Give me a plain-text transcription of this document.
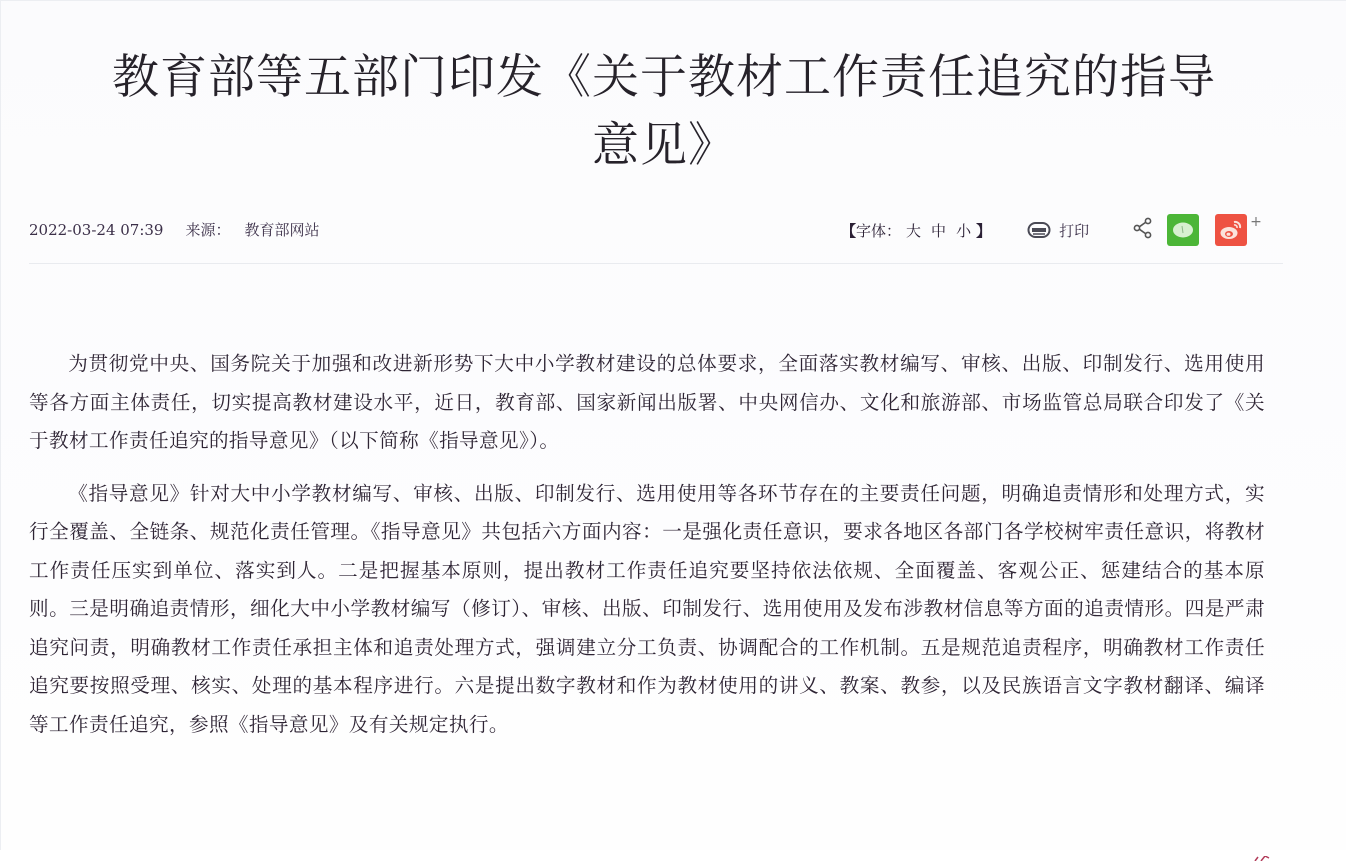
教育部等五部门印发《关于教材工作责任追究的指导
意见》
2022-03-24 07:39 来源： 教育部网站	【 字体： 大 中 小 】	打印	+

为贯彻党中央、国务院关于加强和改进新形势下大中小学教材建设的总体要求，全面落实教材编写、审核、出版、印制发行、选用使用等各方面主体责任，切实提高教材建设水平，近日，教育部、国家新闻出版署、中央网信办、文化和旅游部、市场监管总局联合印发了《关于教材工作责任追究的指导意见》（以下简称《指导意见》）。

《指导意见》针对大中小学教材编写、审核、出版、印制发行、选用使用等各环节存在的主要责任问题，明确追责情形和处理方式，实行全覆盖、全链条、规范化责任管理。《指导意见》共包括六方面内容：一是强化责任意识，要求各地区各部门各学校树牢责任意识，将教材工作责任压实到单位、落实到人。二是把握基本原则，提出教材工作责任追究要坚持依法依规、全面覆盖、客观公正、惩建结合的基本原则。三是明确追责情形，细化大中小学教材编写（修订）、审核、出版、印制发行、选用使用及发布涉教材信息等方面的追责情形。四是严肃追究问责，明确教材工作责任承担主体和追责处理方式，强调建立分工负责、协调配合的工作机制。五是规范追责程序，明确教材工作责任追究要按照受理、核实、处理的基本程序进行。六是提出数字教材和作为教材使用的讲义、教案、教参，以及民族语言文字教材翻译、编译等工作责任追究，参照《指导意见》及有关规定执行。
